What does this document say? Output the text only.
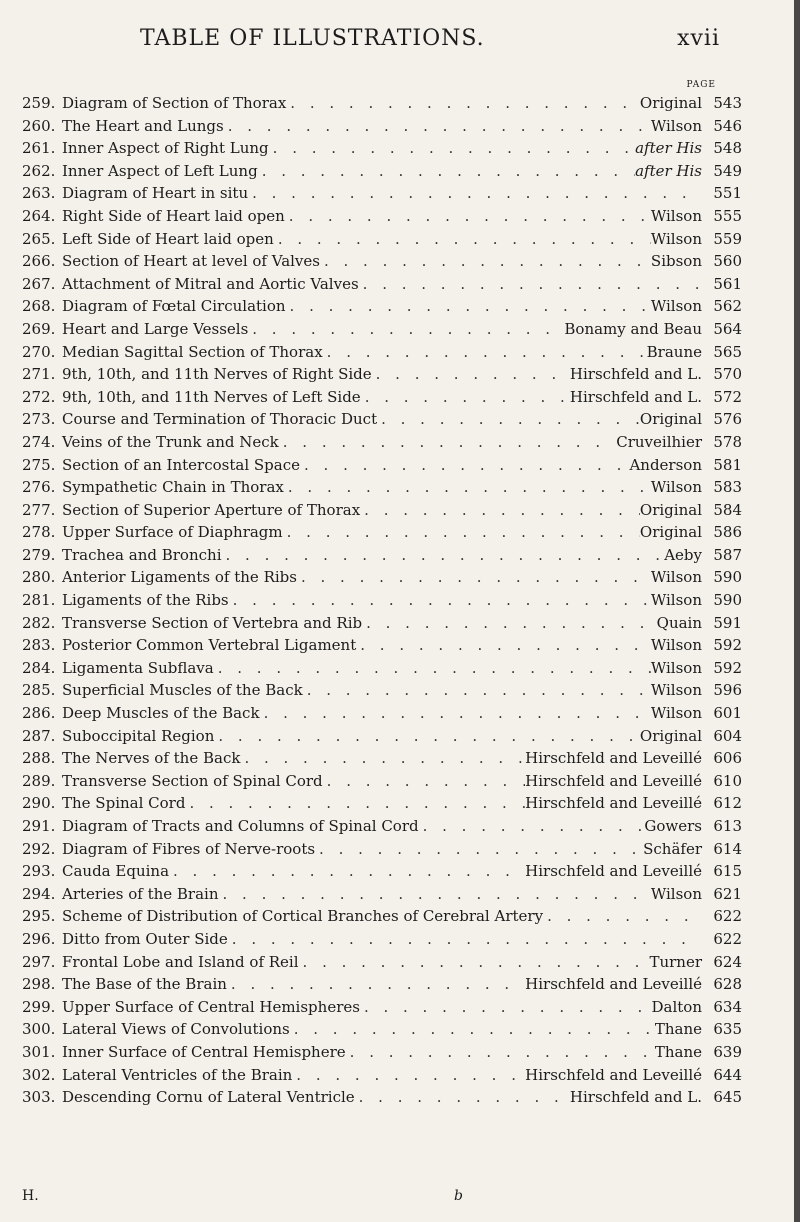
TABLE OF ILLUSTRATIONS.	xvii
PAGE
259. Diagram of Section of Thorax . . .	Original 543
260. The Heart and Lungs . . .	Wilson 546
261. Inner Aspect of Right Lung . . .	after His 548
262. Inner Aspect of Left Lung . . .	after His 549
263. Diagram of Heart in situ . . .	551
264. Right Side of Heart laid open . . .	Wilson 555
265. Left Side of Heart laid open . . .	Wilson 559
266. Section of Heart at level of Valves . . .	Sibson 560
267. Attachment of Mitral and Aortic Valves . . .	561
268. Diagram of Fœtal Circulation . . .	Wilson 562
269. Heart and Large Vessels . . .	Bonamy and Beau 564
270. Median Sagittal Section of Thorax . . .	Braune 565
271. 9th, 10th, and 11th Nerves of Right Side . . .	Hirschfeld and L. 570
272. 9th, 10th, and 11th Nerves of Left Side . . .	Hirschfeld and L. 572
273. Course and Termination of Thoracic Duct . . .	Original 576
274. Veins of the Trunk and Neck . . .	Cruveilhier 578
275. Section of an Intercostal Space . . .	Anderson 581
276. Sympathetic Chain in Thorax . . .	Wilson 583
277. Section of Superior Aperture of Thorax . . .	Original 584
278. Upper Surface of Diaphragm . . .	Original 586
279. Trachea and Bronchi . . .	Aeby 587
280. Anterior Ligaments of the Ribs . . .	Wilson 590
281. Ligaments of the Ribs . . .	Wilson 590
282. Transverse Section of Vertebra and Rib . . .	Quain 591
283. Posterior Common Vertebral Ligament . . .	Wilson 592
284. Ligamenta Subflava . . .	Wilson 592
285. Superficial Muscles of the Back . . .	Wilson 596
286. Deep Muscles of the Back . . .	Wilson 601
287. Suboccipital Region . . .	Original 604
288. The Nerves of the Back . . .	Hirschfeld and Leveillé 606
289. Transverse Section of Spinal Cord . . .	Hirschfeld and Leveillé 610
290. The Spinal Cord . . .	Hirschfeld and Leveillé 612
291. Diagram of Tracts and Columns of Spinal Cord . . .	Gowers 613
292. Diagram of Fibres of Nerve-roots . . .	Schäfer 614
293. Cauda Equina . . .	Hirschfeld and Leveillé 615
294. Arteries of the Brain . . .	Wilson 621
295. Scheme of Distribution of Cortical Branches of Cerebral Artery . . .	622
296. Ditto from Outer Side . . .	622
297. Frontal Lobe and Island of Reil . . .	Turner 624
298. The Base of the Brain . . .	Hirschfeld and Leveillé 628
299. Upper Surface of Central Hemispheres . . .	Dalton 634
300. Lateral Views of Convolutions . . .	Thane 635
301. Inner Surface of Central Hemisphere . . .	Thane 639
302. Lateral Ventricles of the Brain . . .	Hirschfeld and Leveillé 644
303. Descending Cornu of Lateral Ventricle . . .	Hirschfeld and L. 645
H.	b
